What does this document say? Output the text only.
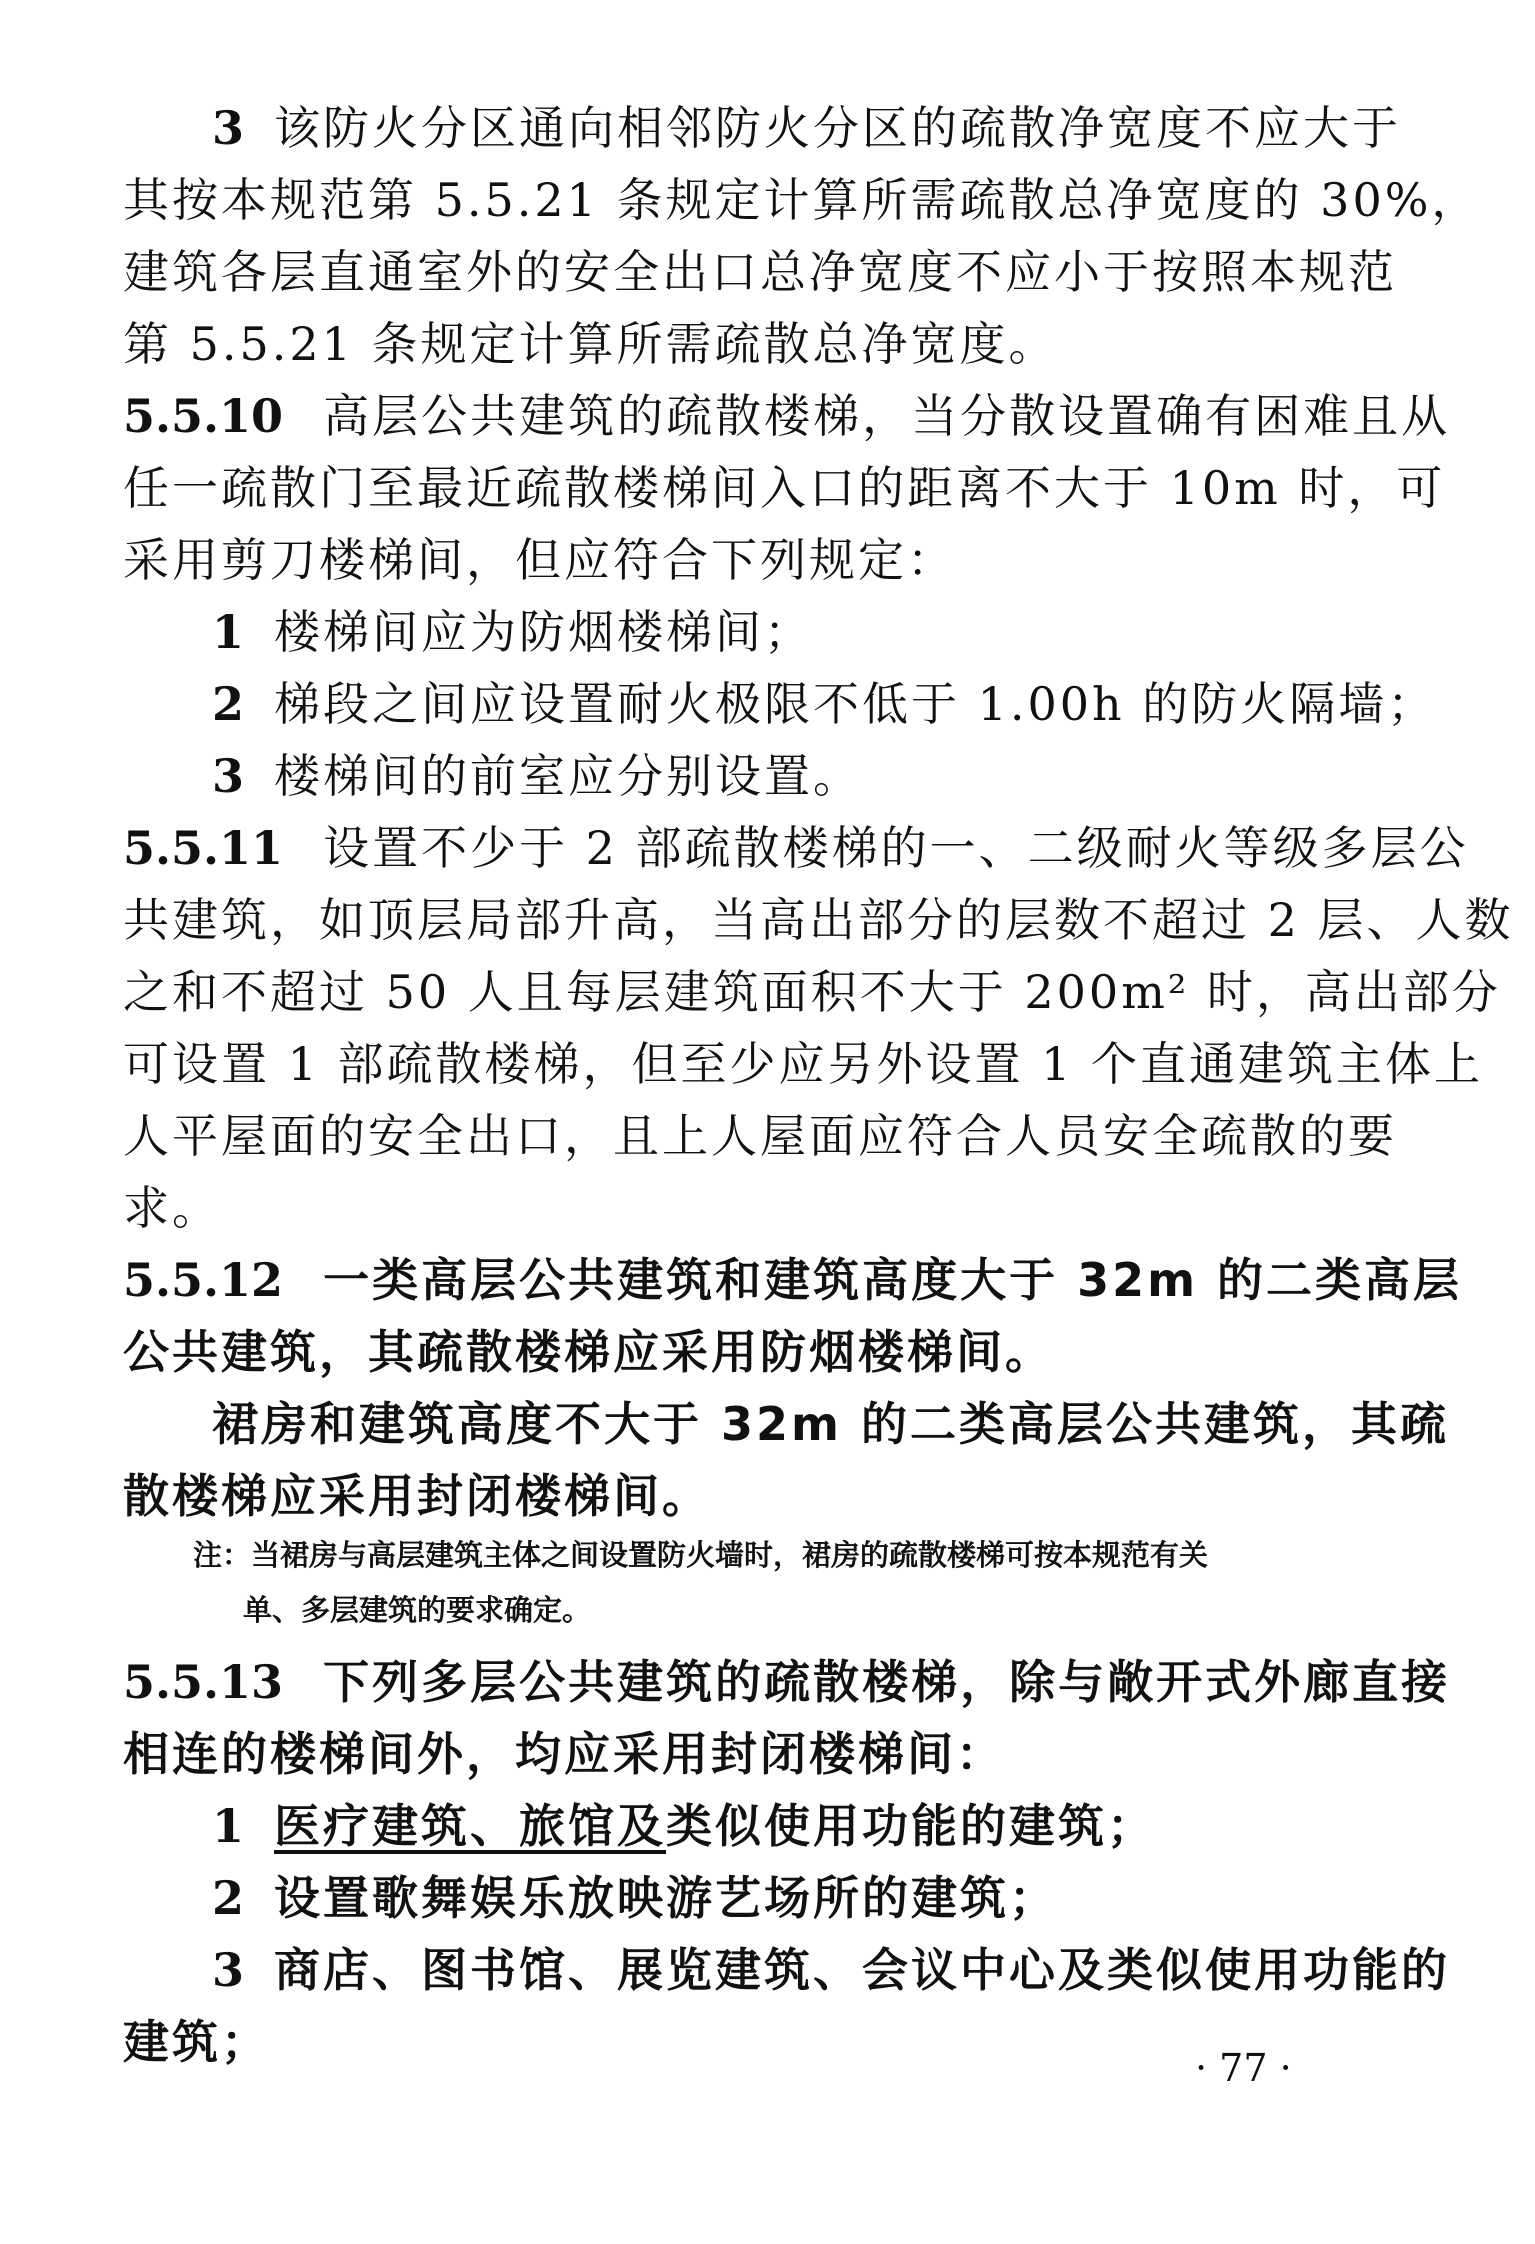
3 该防火分区通向相邻防火分区的疏散净宽度不应大于
其按本规范第 5.5.21 条规定计算所需疏散总净宽度的 30%，
建筑各层直通室外的安全出口总净宽度不应小于按照本规范
第 5.5.21 条规定计算所需疏散总净宽度。
5.5.10 高层公共建筑的疏散楼梯，当分散设置确有困难且从
任一疏散门至最近疏散楼梯间入口的距离不大于 10m 时，可
采用剪刀楼梯间，但应符合下列规定：
1 楼梯间应为防烟楼梯间；
2 梯段之间应设置耐火极限不低于 1.00h 的防火隔墙；
3 楼梯间的前室应分别设置。
5.5.11 设置不少于 2 部疏散楼梯的一、二级耐火等级多层公
共建筑，如顶层局部升高，当高出部分的层数不超过 2 层、人数
之和不超过 50 人且每层建筑面积不大于 200m² 时，高出部分
可设置 1 部疏散楼梯，但至少应另外设置 1 个直通建筑主体上
人平屋面的安全出口，且上人屋面应符合人员安全疏散的要
求。
5.5.12 一类高层公共建筑和建筑高度大于 32m 的二类高层
公共建筑，其疏散楼梯应采用防烟楼梯间。
裙房和建筑高度不大于 32m 的二类高层公共建筑，其疏
散楼梯应采用封闭楼梯间。
注：当裙房与高层建筑主体之间设置防火墙时，裙房的疏散楼梯可按本规范有关
单、多层建筑的要求确定。
5.5.13 下列多层公共建筑的疏散楼梯，除与敞开式外廊直接
相连的楼梯间外，均应采用封闭楼梯间：
1 医疗建筑、旅馆及类似使用功能的建筑；
2 设置歌舞娱乐放映游艺场所的建筑；
3 商店、图书馆、展览建筑、会议中心及类似使用功能的
建筑；	· 77 ·
